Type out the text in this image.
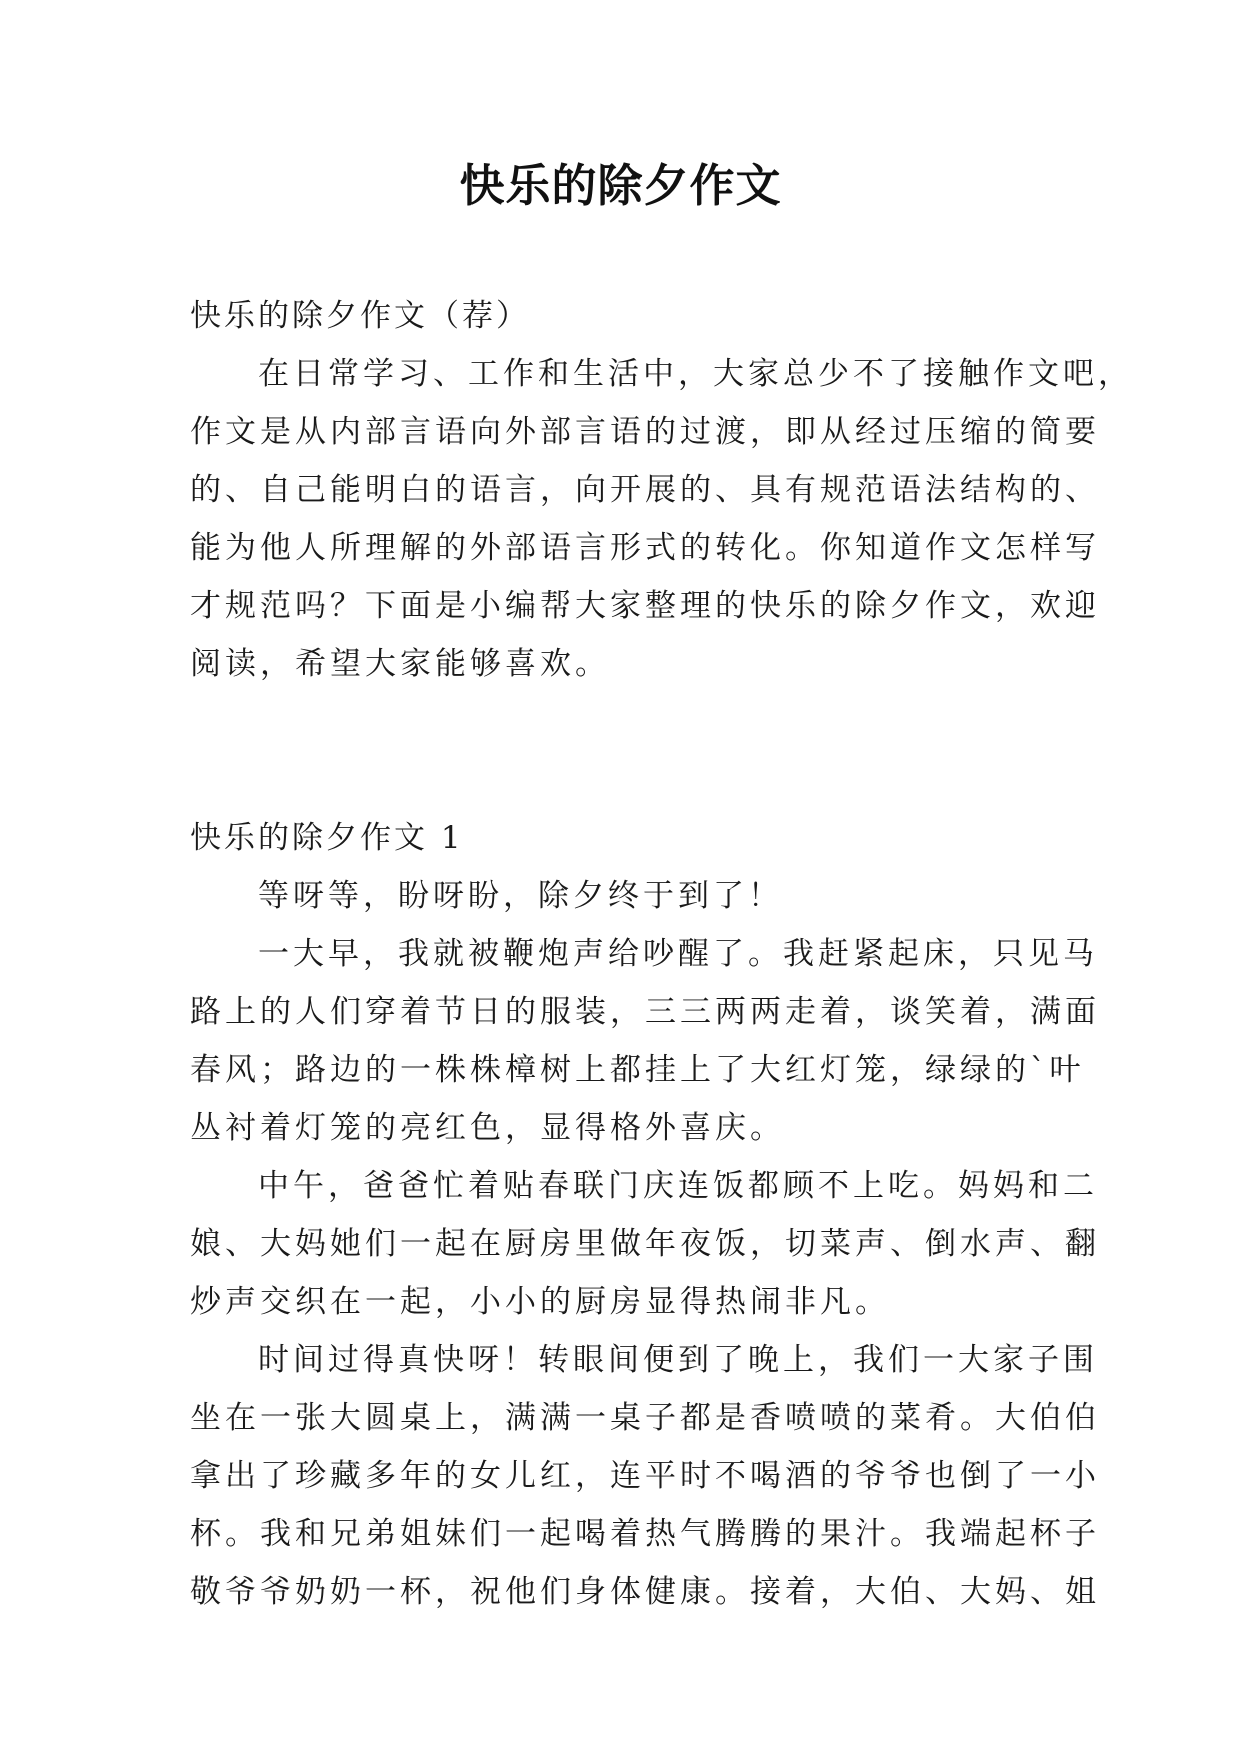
快乐的除夕作文
快乐的除夕作文（荐）
在日常学习、工作和生活中，大家总少不了接触作文吧，
作文是从内部言语向外部言语的过渡，即从经过压缩的简要
的、自己能明白的语言，向开展的、具有规范语法结构的、
能为他人所理解的外部语言形式的转化。你知道作文怎样写
才规范吗？下面是小编帮大家整理的快乐的除夕作文，欢迎
阅读，希望大家能够喜欢。
快乐的除夕作文 1
等呀等，盼呀盼，除夕终于到了！
一大早，我就被鞭炮声给吵醒了。我赶紧起床，只见马
路上的人们穿着节日的服装，三三两两走着，谈笑着，满面
春风；路边的一株株樟树上都挂上了大红灯笼，绿绿的`叶
丛衬着灯笼的亮红色，显得格外喜庆。
中午，爸爸忙着贴春联门庆连饭都顾不上吃。妈妈和二
娘、大妈她们一起在厨房里做年夜饭，切菜声、倒水声、翻
炒声交织在一起，小小的厨房显得热闹非凡。
时间过得真快呀！转眼间便到了晚上，我们一大家子围
坐在一张大圆桌上，满满一桌子都是香喷喷的菜肴。大伯伯
拿出了珍藏多年的女儿红，连平时不喝酒的爷爷也倒了一小
杯。我和兄弟姐妹们一起喝着热气腾腾的果汁。我端起杯子
敬爷爷奶奶一杯，祝他们身体健康。接着，大伯、大妈、姐
